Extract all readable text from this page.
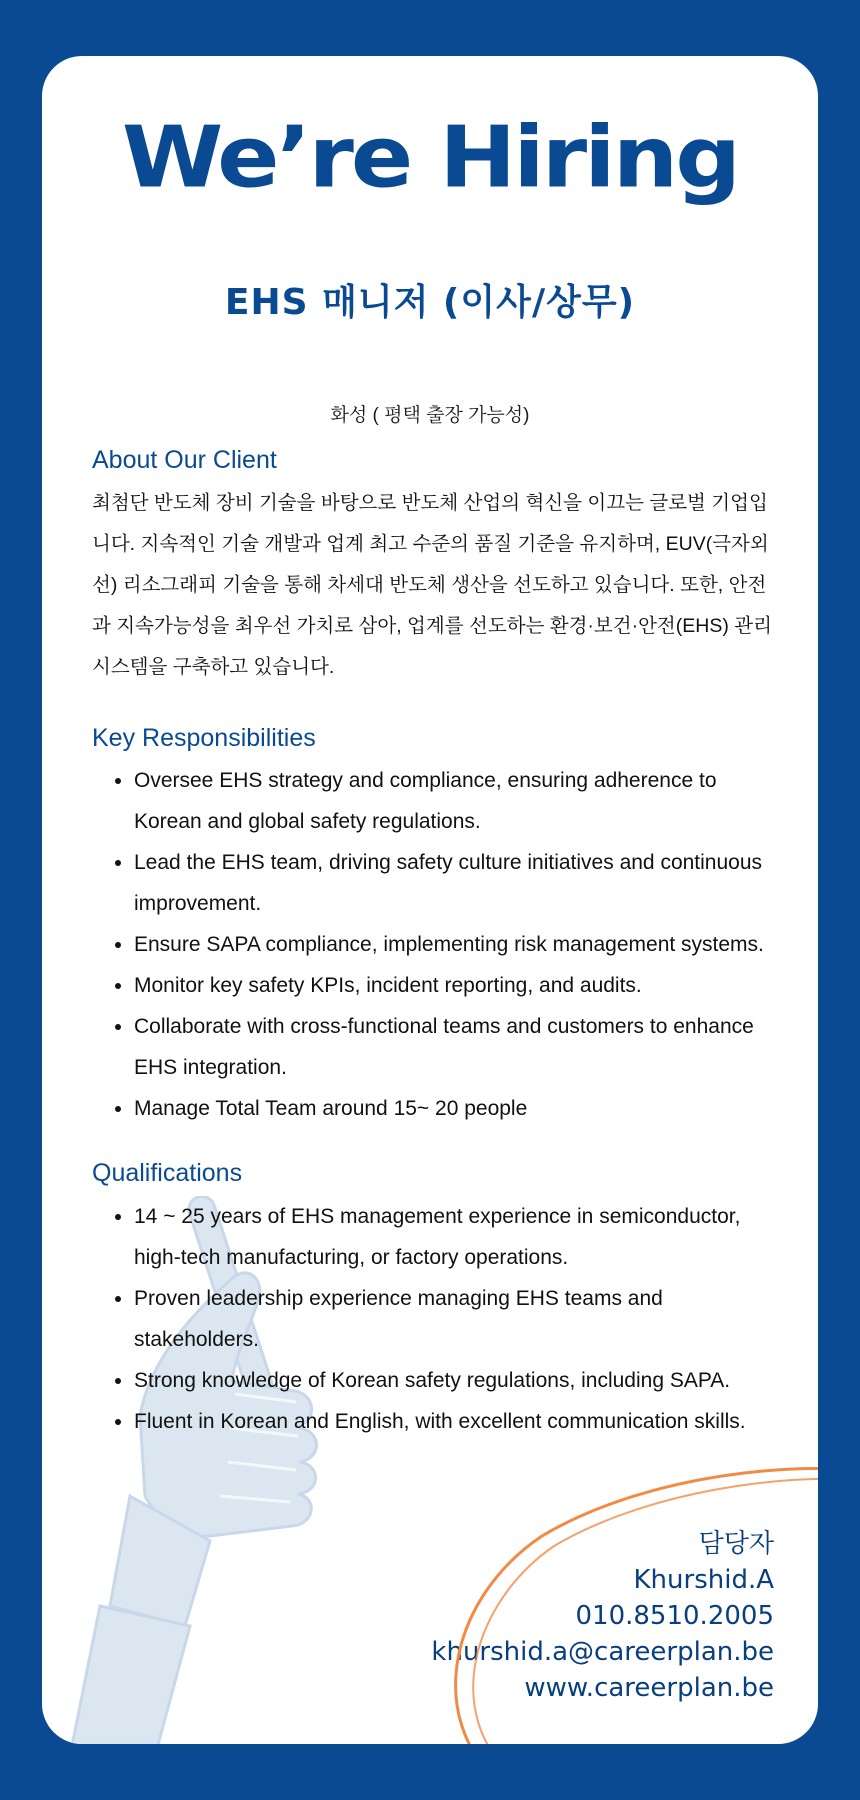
We’re Hiring
EHS 매니저 (이사/상무)
화성 ( 평택 출장 가능성)
About Our Client

최첨단 반도체 장비 기술을 바탕으로 반도체 산업의 혁신을 이끄는 글로벌 기업입니다. 지속적인 기술 개발과 업계 최고 수준의 품질 기준을 유지하며, EUV(극자외선) 리소그래피 기술을 통해 차세대 반도체 생산을 선도하고 있습니다. 또한, 안전과 지속가능성을 최우선 가치로 삼아, 업계를 선도하는 환경·보건·안전(EHS) 관리 시스템을 구축하고 있습니다.

Key Responsibilities
• Oversee EHS strategy and compliance, ensuring adherence to Korean and global safety regulations.
• Lead the EHS team, driving safety culture initiatives and continuous improvement.
• Ensure SAPA compliance, implementing risk management systems.
• Monitor key safety KPIs, incident reporting, and audits.
• Collaborate with cross-functional teams and customers to enhance EHS integration.
• Manage Total Team around 15~ 20 people
Qualifications
• 14 ~ 25 years of EHS management experience in semiconductor, high-tech manufacturing, or factory operations.
• Proven leadership experience managing EHS teams and stakeholders.
• Strong knowledge of Korean safety regulations, including SAPA.
• Fluent in Korean and English, with excellent communication skills.
담당자
Khurshid.A
010.8510.2005
khurshid.a@careerplan.be
www.careerplan.be
